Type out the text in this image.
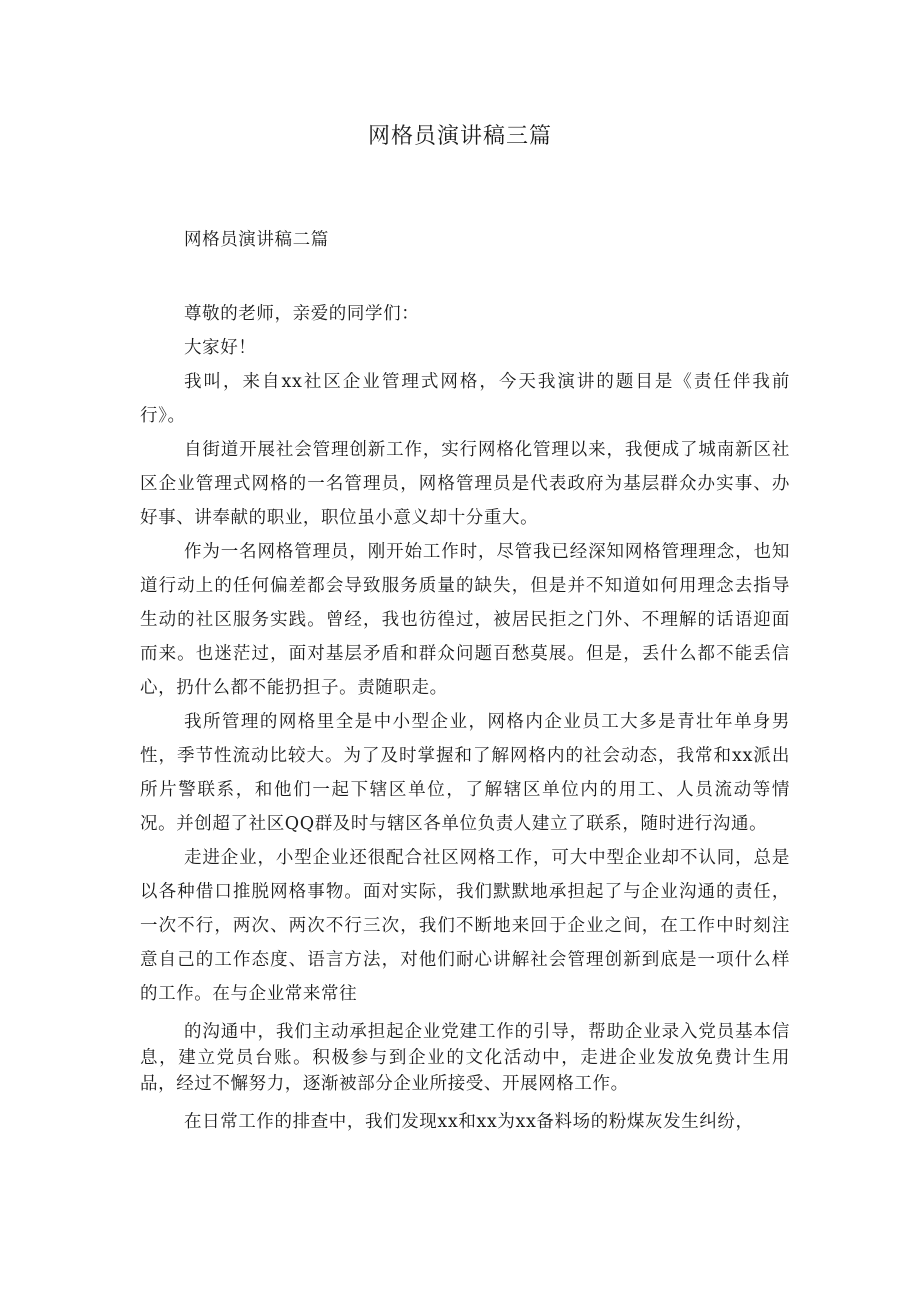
网格员演讲稿三篇
网格员演讲稿二篇

尊敬的老师，亲爱的同学们：

大家好！

我叫，来自xx社区企业管理式网格，今天我演讲的题目是《责任伴我前行》。

自街道开展社会管理创新工作，实行网格化管理以来，我便成了城南新区社区企业管理式网格的一名管理员，网格管理员是代表政府为基层群众办实事、办好事、讲奉献的职业，职位虽小意义却十分重大。

作为一名网格管理员，刚开始工作时，尽管我已经深知网格管理理念，也知道行动上的任何偏差都会导致服务质量的缺失，但是并不知道如何用理念去指导生动的社区服务实践。曾经，我也彷徨过，被居民拒之门外、不理解的话语迎面而来。也迷茫过，面对基层矛盾和群众问题百愁莫展。但是，丢什么都不能丢信心，扔什么都不能扔担子。责随职走。

我所管理的网格里全是中小型企业，网格内企业员工大多是青壮年单身男性，季节性流动比较大。为了及时掌握和了解网格内的社会动态，我常和xx派出所片警联系，和他们一起下辖区单位，了解辖区单位内的用工、人员流动等情况。并创超了社区QQ群及时与辖区各单位负责人建立了联系，随时进行沟通。

走进企业，小型企业还很配合社区网格工作，可大中型企业却不认同，总是以各种借口推脱网格事物。面对实际，我们默默地承担起了与企业沟通的责任，一次不行，两次、两次不行三次，我们不断地来回于企业之间，在工作中时刻注意自己的工作态度、语言方法，对他们耐心讲解社会管理创新到底是一项什么样的工作。在与企业常来常往

的沟通中，我们主动承担起企业党建工作的引导，帮助企业录入党员基本信息，建立党员台账。积极参与到企业的文化活动中，走进企业发放免费计生用品，经过不懈努力，逐渐被部分企业所接受、开展网格工作。

在日常工作的排查中，我们发现xx和xx为xx备料场的粉煤灰发生纠纷，
